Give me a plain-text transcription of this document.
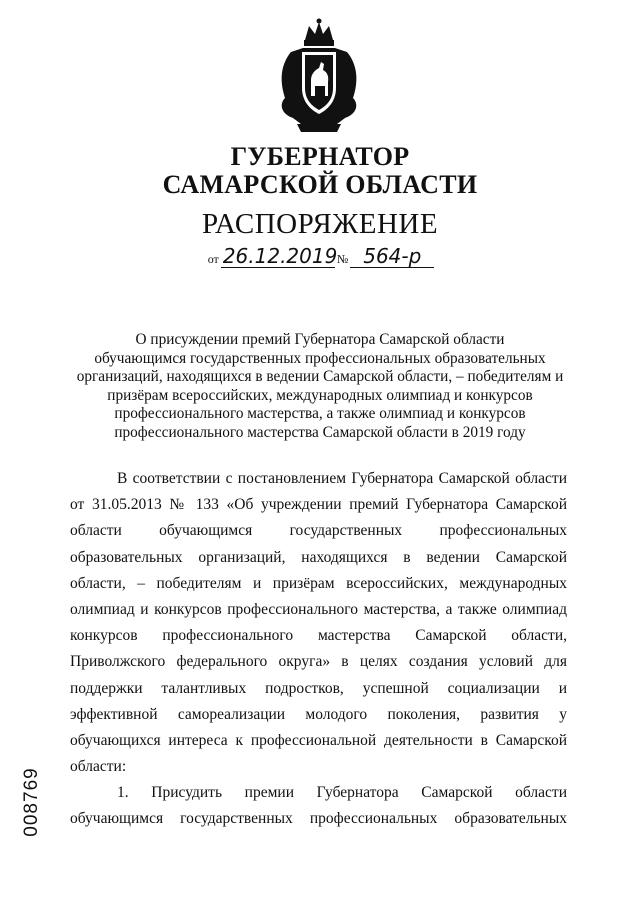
ГУБЕРНАТОР
САМАРСКОЙ ОБЛАСТИ
РАСПОРЯЖЕНИЕ
от 26.12.2019№ 564-р
О присуждении премий Губернатора Самарской области
обучающимся государственных профессиональных образовательных
организаций, находящихся в ведении Самарской области, – победителям и
призёрам всероссийских, международных олимпиад и конкурсов
профессионального мастерства, а также олимпиад и конкурсов
профессионального мастерства Самарской области в 2019 году
В соответствии с постановлением Губернатора Самарской области
от 31.05.2013 № 133 «Об учреждении премий Губернатора Самарской
области обучающимся государственных профессиональных
образовательных организаций, находящихся в ведении Самарской
области, – победителям и призёрам всероссийских, международных
олимпиад и конкурсов профессионального мастерства, а также олимпиад
конкурсов профессионального мастерства Самарской области,
Приволжского федерального округа» в целях создания условий для
поддержки талантливых подростков, успешной социализации и
эффективной самореализации молодого поколения, развития у
обучающихся интереса к профессиональной деятельности в Самарской
области:
1. Присудить премии Губернатора Самарской области
обучающимся государственных профессиональных образовательных
008769
